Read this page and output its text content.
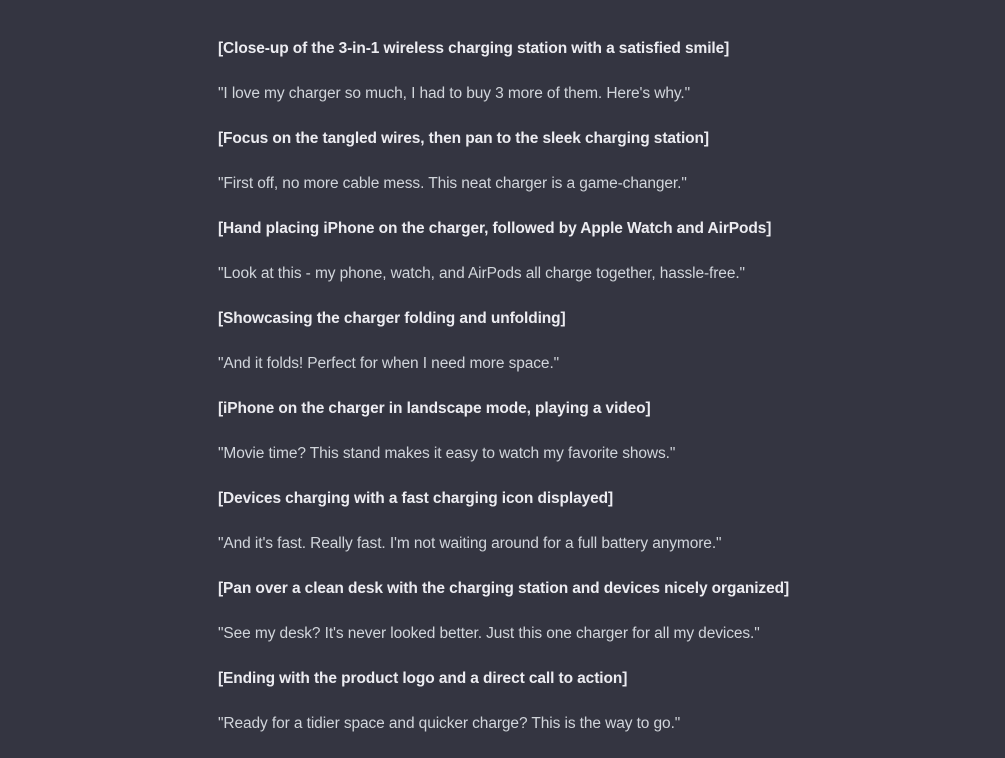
[Close-up of the 3-in-1 wireless charging station with a satisfied smile]
"I love my charger so much, I had to buy 3 more of them. Here's why."
[Focus on the tangled wires, then pan to the sleek charging station]
"First off, no more cable mess. This neat charger is a game-changer."
[Hand placing iPhone on the charger, followed by Apple Watch and AirPods]
"Look at this - my phone, watch, and AirPods all charge together, hassle-free."
[Showcasing the charger folding and unfolding]
"And it folds! Perfect for when I need more space."
[iPhone on the charger in landscape mode, playing a video]
"Movie time? This stand makes it easy to watch my favorite shows."
[Devices charging with a fast charging icon displayed]
"And it's fast. Really fast. I'm not waiting around for a full battery anymore."
[Pan over a clean desk with the charging station and devices nicely organized]
"See my desk? It's never looked better. Just this one charger for all my devices."
[Ending with the product logo and a direct call to action]
"Ready for a tidier space and quicker charge? This is the way to go."
